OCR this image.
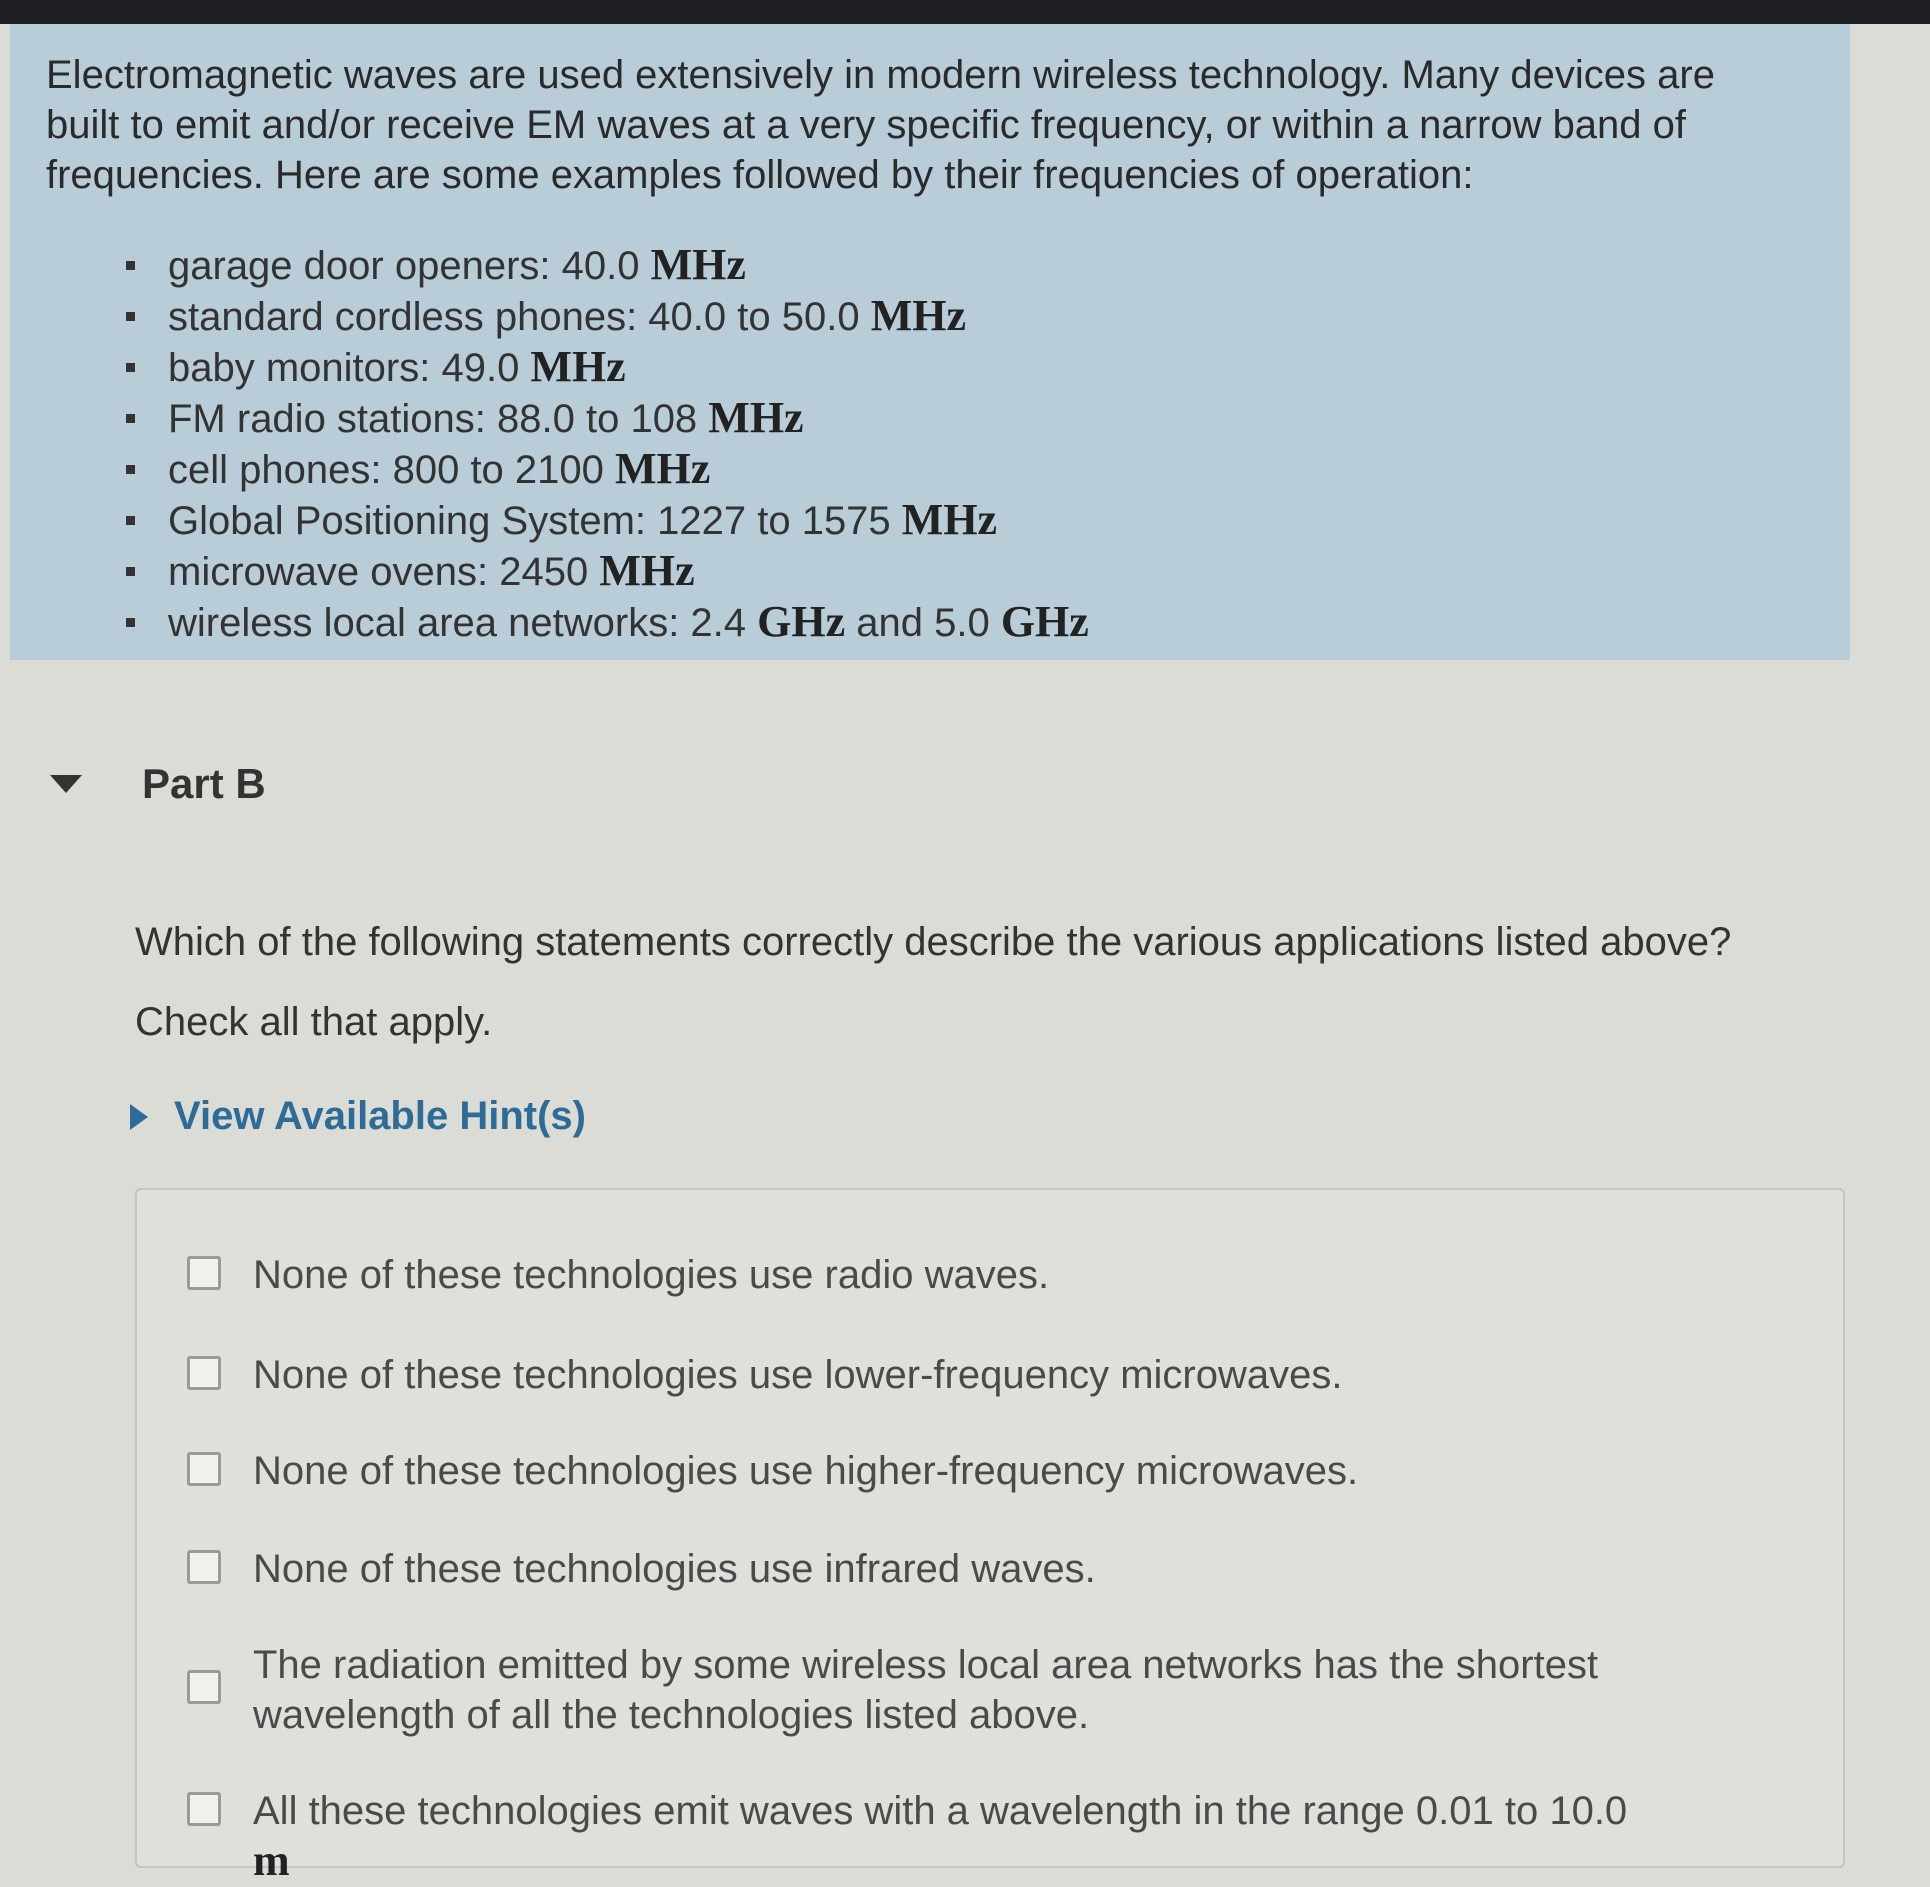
Electromagnetic waves are used extensively in modern wireless technology. Many devices are built to emit and/or receive EM waves at a very specific frequency, or within a narrow band of frequencies. Here are some examples followed by their frequencies of operation:

garage door openers: 40.0 MHz
standard cordless phones: 40.0 to 50.0 MHz
baby monitors: 49.0 MHz
FM radio stations: 88.0 to 108 MHz
cell phones: 800 to 2100 MHz
Global Positioning System: 1227 to 1575 MHz
microwave ovens: 2450 MHz
wireless local area networks: 2.4 GHz and 5.0 GHz
Part B

Which of the following statements correctly describe the various applications listed above?

Check all that apply.

View Available Hint(s)
None of these technologies use radio waves.
None of these technologies use lower-frequency microwaves.
None of these technologies use higher-frequency microwaves.
None of these technologies use infrared waves.
The radiation emitted by some wireless local area networks has the shortest wavelength of all the technologies listed above.
All these technologies emit waves with a wavelength in the range 0.01 to 10.0 m
